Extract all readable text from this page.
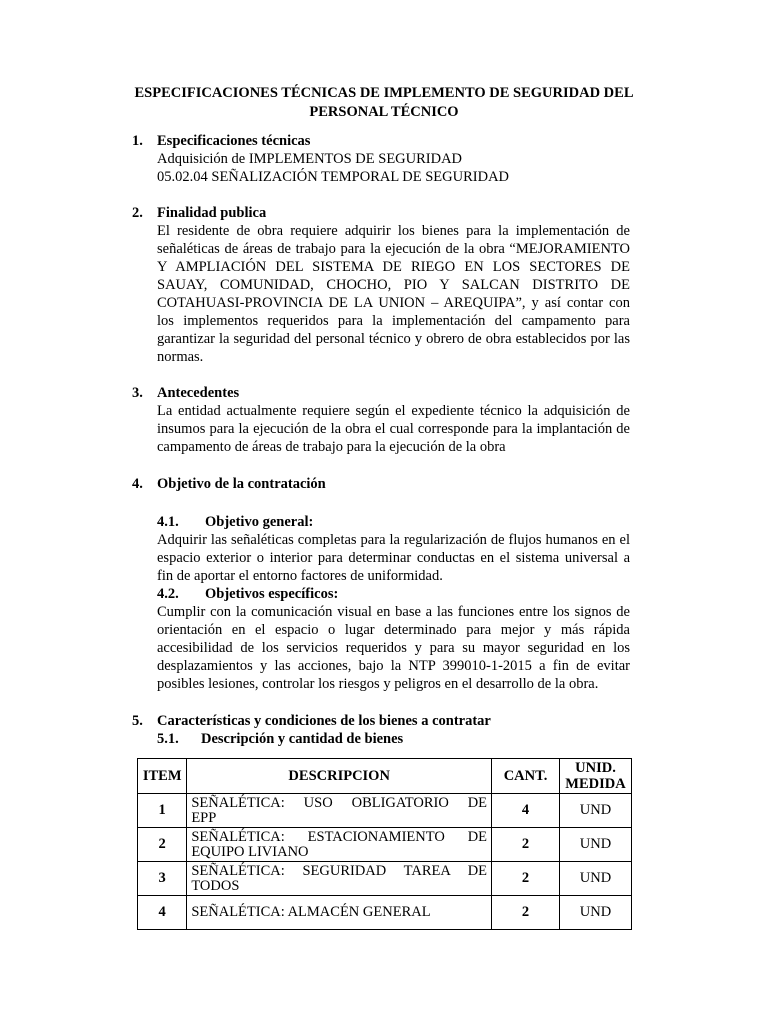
ESPECIFICACIONES TÉCNICAS DE IMPLEMENTO DE SEGURIDAD DEL
PERSONAL TÉCNICO
1. Especificaciones técnicas
Adquisición de IMPLEMENTOS DE SEGURIDAD
05.02.04 SEÑALIZACIÓN TEMPORAL DE SEGURIDAD
2. Finalidad publica
El residente de obra requiere adquirir los bienes para la implementación de
señaléticas de áreas de trabajo para la ejecución de la obra “MEJORAMIENTO
Y AMPLIACIÓN DEL SISTEMA DE RIEGO EN LOS SECTORES DE
SAUAY, COMUNIDAD, CHOCHO, PIO Y SALCAN DISTRITO DE
COTAHUASI-PROVINCIA DE LA UNION – AREQUIPA”, y así contar con
los implementos requeridos para la implementación del campamento para
garantizar la seguridad del personal técnico y obrero de obra establecidos por las
normas.
3. Antecedentes
La entidad actualmente requiere según el expediente técnico la adquisición de
insumos para la ejecución de la obra el cual corresponde para la implantación de
campamento de áreas de trabajo para la ejecución de la obra
4. Objetivo de la contratación
4.1. Objetivo general:
Adquirir las señaléticas completas para la regularización de flujos humanos en el
espacio exterior o interior para determinar conductas en el sistema universal a
fin de aportar el entorno factores de uniformidad.
4.2. Objetivos específicos:
Cumplir con la comunicación visual en base a las funciones entre los signos de
orientación en el espacio o lugar determinado para mejor y más rápida
accesibilidad de los servicios requeridos y para su mayor seguridad en los
desplazamientos y las acciones, bajo la NTP 399010-1-2015 a fin de evitar
posibles lesiones, controlar los riesgos y peligros en el desarrollo de la obra.
5. Características y condiciones de los bienes a contratar
5.1. Descripción y cantidad de bienes
ITEM	DESCRIPCION	CANT.	UNID.
MEDIDA

1	SEÑALÉTICA: USO OBLIGATORIO DE
EPP	4	UND
2	SEÑALÉTICA: ESTACIONAMIENTO DE
EQUIPO LIVIANO	2	UND
3	SEÑALÉTICA: SEGURIDAD TAREA DE
TODOS	2	UND
4	SEÑALÉTICA: ALMACÉN GENERAL	2	UND
